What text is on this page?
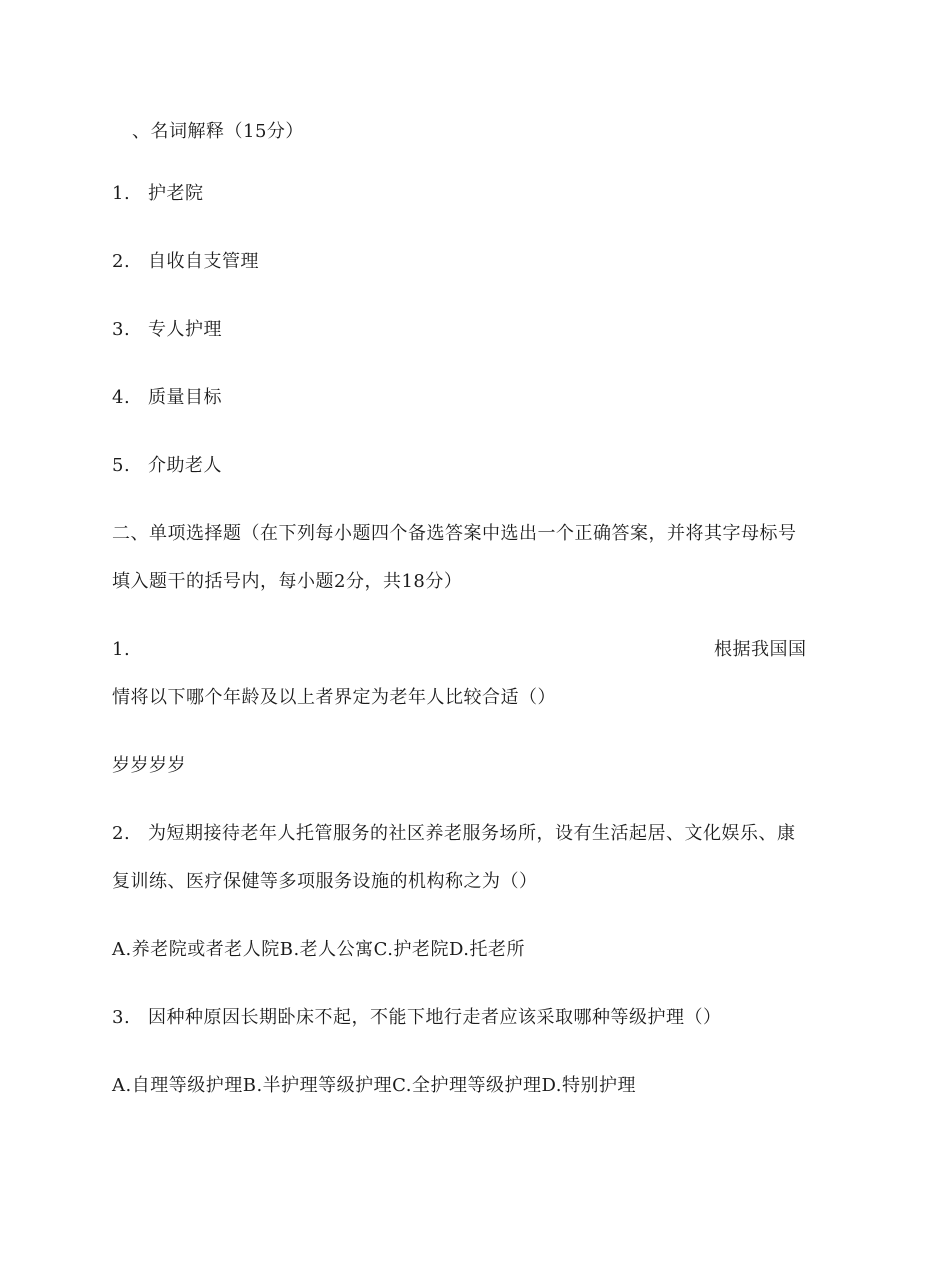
、名词解释（15分）
1. 护老院
2. 自收自支管理
3. 专人护理
4. 质量目标
5. 介助老人
二、单项选择题（在下列每小题四个备选答案中选出一个正确答案，并将其字母标号
填入题干的括号内，每小题2分，共18分）
1.	根据我国国
情将以下哪个年龄及以上者界定为老年人比较合适（）
岁岁岁岁
2. 为短期接待老年人托管服务的社区养老服务场所，设有生活起居、文化娱乐、康
复训练、医疗保健等多项服务设施的机构称之为（）
A.养老院或者老人院B.老人公寓C.护老院D.托老所
3. 因种种原因长期卧床不起，不能下地行走者应该采取哪种等级护理（）
A.自理等级护理B.半护理等级护理C.全护理等级护理D.特别护理
